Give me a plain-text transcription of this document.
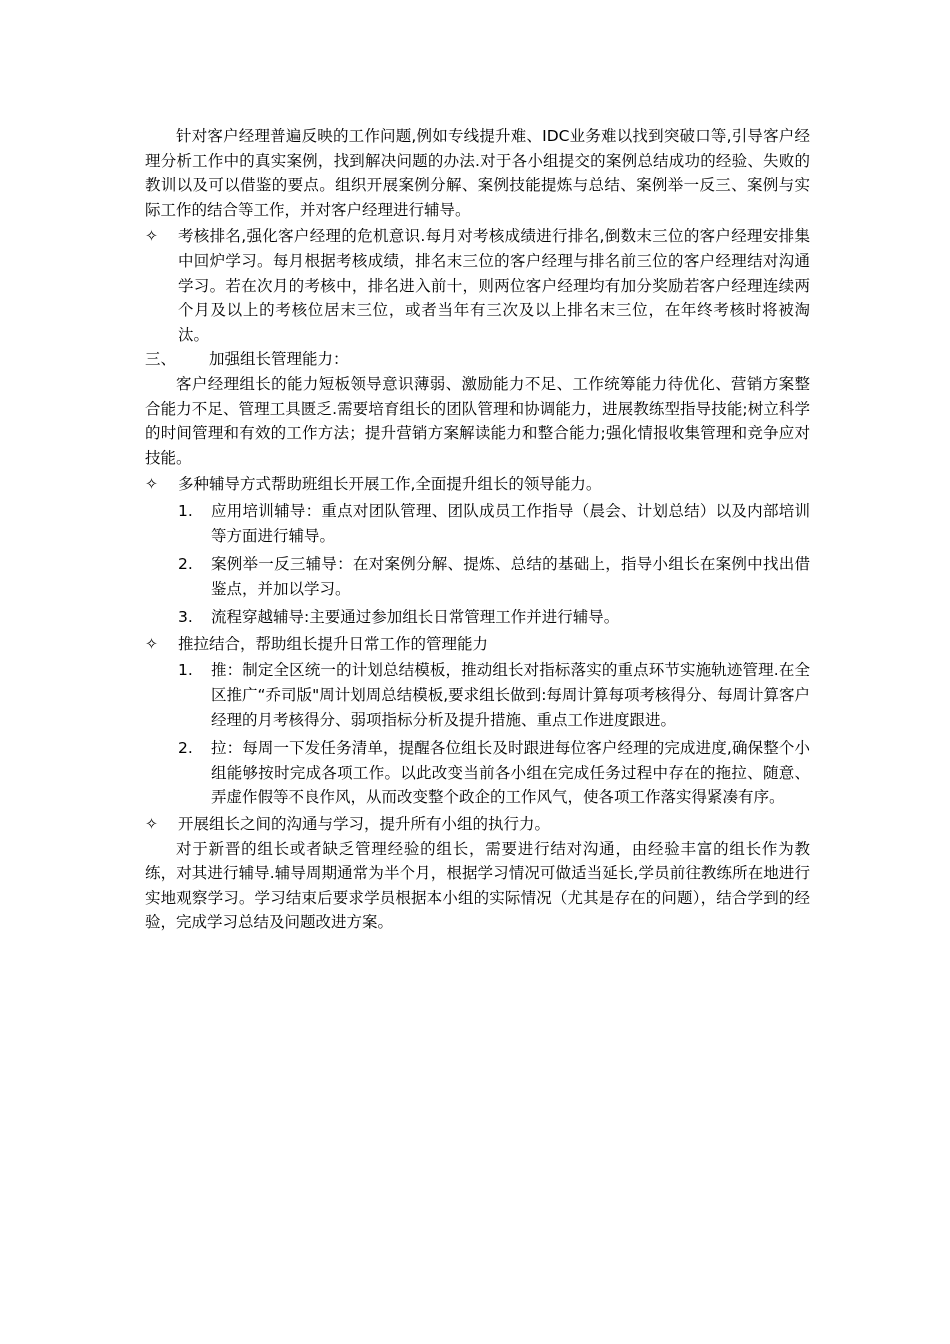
针对客户经理普遍反映的工作问题,例如专线提升难、IDC业务难以找到突破口等,引导客户经理分析工作中的真实案例，找到解决问题的办法.对于各小组提交的案例总结成功的经验、失败的教训以及可以借鉴的要点。组织开展案例分解、案例技能提炼与总结、案例举一反三、案例与实际工作的结合等工作，并对客户经理进行辅导。

✧	考核排名,强化客户经理的危机意识.每月对考核成绩进行排名,倒数末三位的客户经理安排集中回炉学习。每月根据考核成绩，排名末三位的客户经理与排名前三位的客户经理结对沟通学习。若在次月的考核中，排名进入前十，则两位客户经理均有加分奖励若客户经理连续两个月及以上的考核位居末三位，或者当年有三次及以上排名末三位，在年终考核时将被淘汰。

三、 加强组长管理能力：

客户经理组长的能力短板领导意识薄弱、激励能力不足、工作统筹能力待优化、营销方案整合能力不足、管理工具匮乏.需要培育组长的团队管理和协调能力，进展教练型指导技能;树立科学的时间管理和有效的工作方法；提升营销方案解读能力和整合能力;强化情报收集管理和竞争应对技能。

✧	多种辅导方式帮助班组长开展工作,全面提升组长的领导能力。

1. 应用培训辅导：重点对团队管理、团队成员工作指导（晨会、计划总结）以及内部培训等方面进行辅导。

2. 案例举一反三辅导：在对案例分解、提炼、总结的基础上，指导小组长在案例中找出借鉴点，并加以学习。

3. 流程穿越辅导:主要通过参加组长日常管理工作并进行辅导。

✧	推拉结合，帮助组长提升日常工作的管理能力

1. 推：制定全区统一的计划总结模板，推动组长对指标落实的重点环节实施轨迹管理.在全区推广“乔司版"周计划周总结模板,要求组长做到:每周计算每项考核得分、每周计算客户经理的月考核得分、弱项指标分析及提升措施、重点工作进度跟进。

2. 拉：每周一下发任务清单，提醒各位组长及时跟进每位客户经理的完成进度,确保整个小组能够按时完成各项工作。以此改变当前各小组在完成任务过程中存在的拖拉、随意、弄虚作假等不良作风，从而改变整个政企的工作风气，使各项工作落实得紧凑有序。

✧	开展组长之间的沟通与学习，提升所有小组的执行力。

对于新晋的组长或者缺乏管理经验的组长，需要进行结对沟通，由经验丰富的组长作为教练，对其进行辅导.辅导周期通常为半个月，根据学习情况可做适当延长,学员前往教练所在地进行实地观察学习。学习结束后要求学员根据本小组的实际情况（尤其是存在的问题），结合学到的经验，完成学习总结及问题改进方案。
